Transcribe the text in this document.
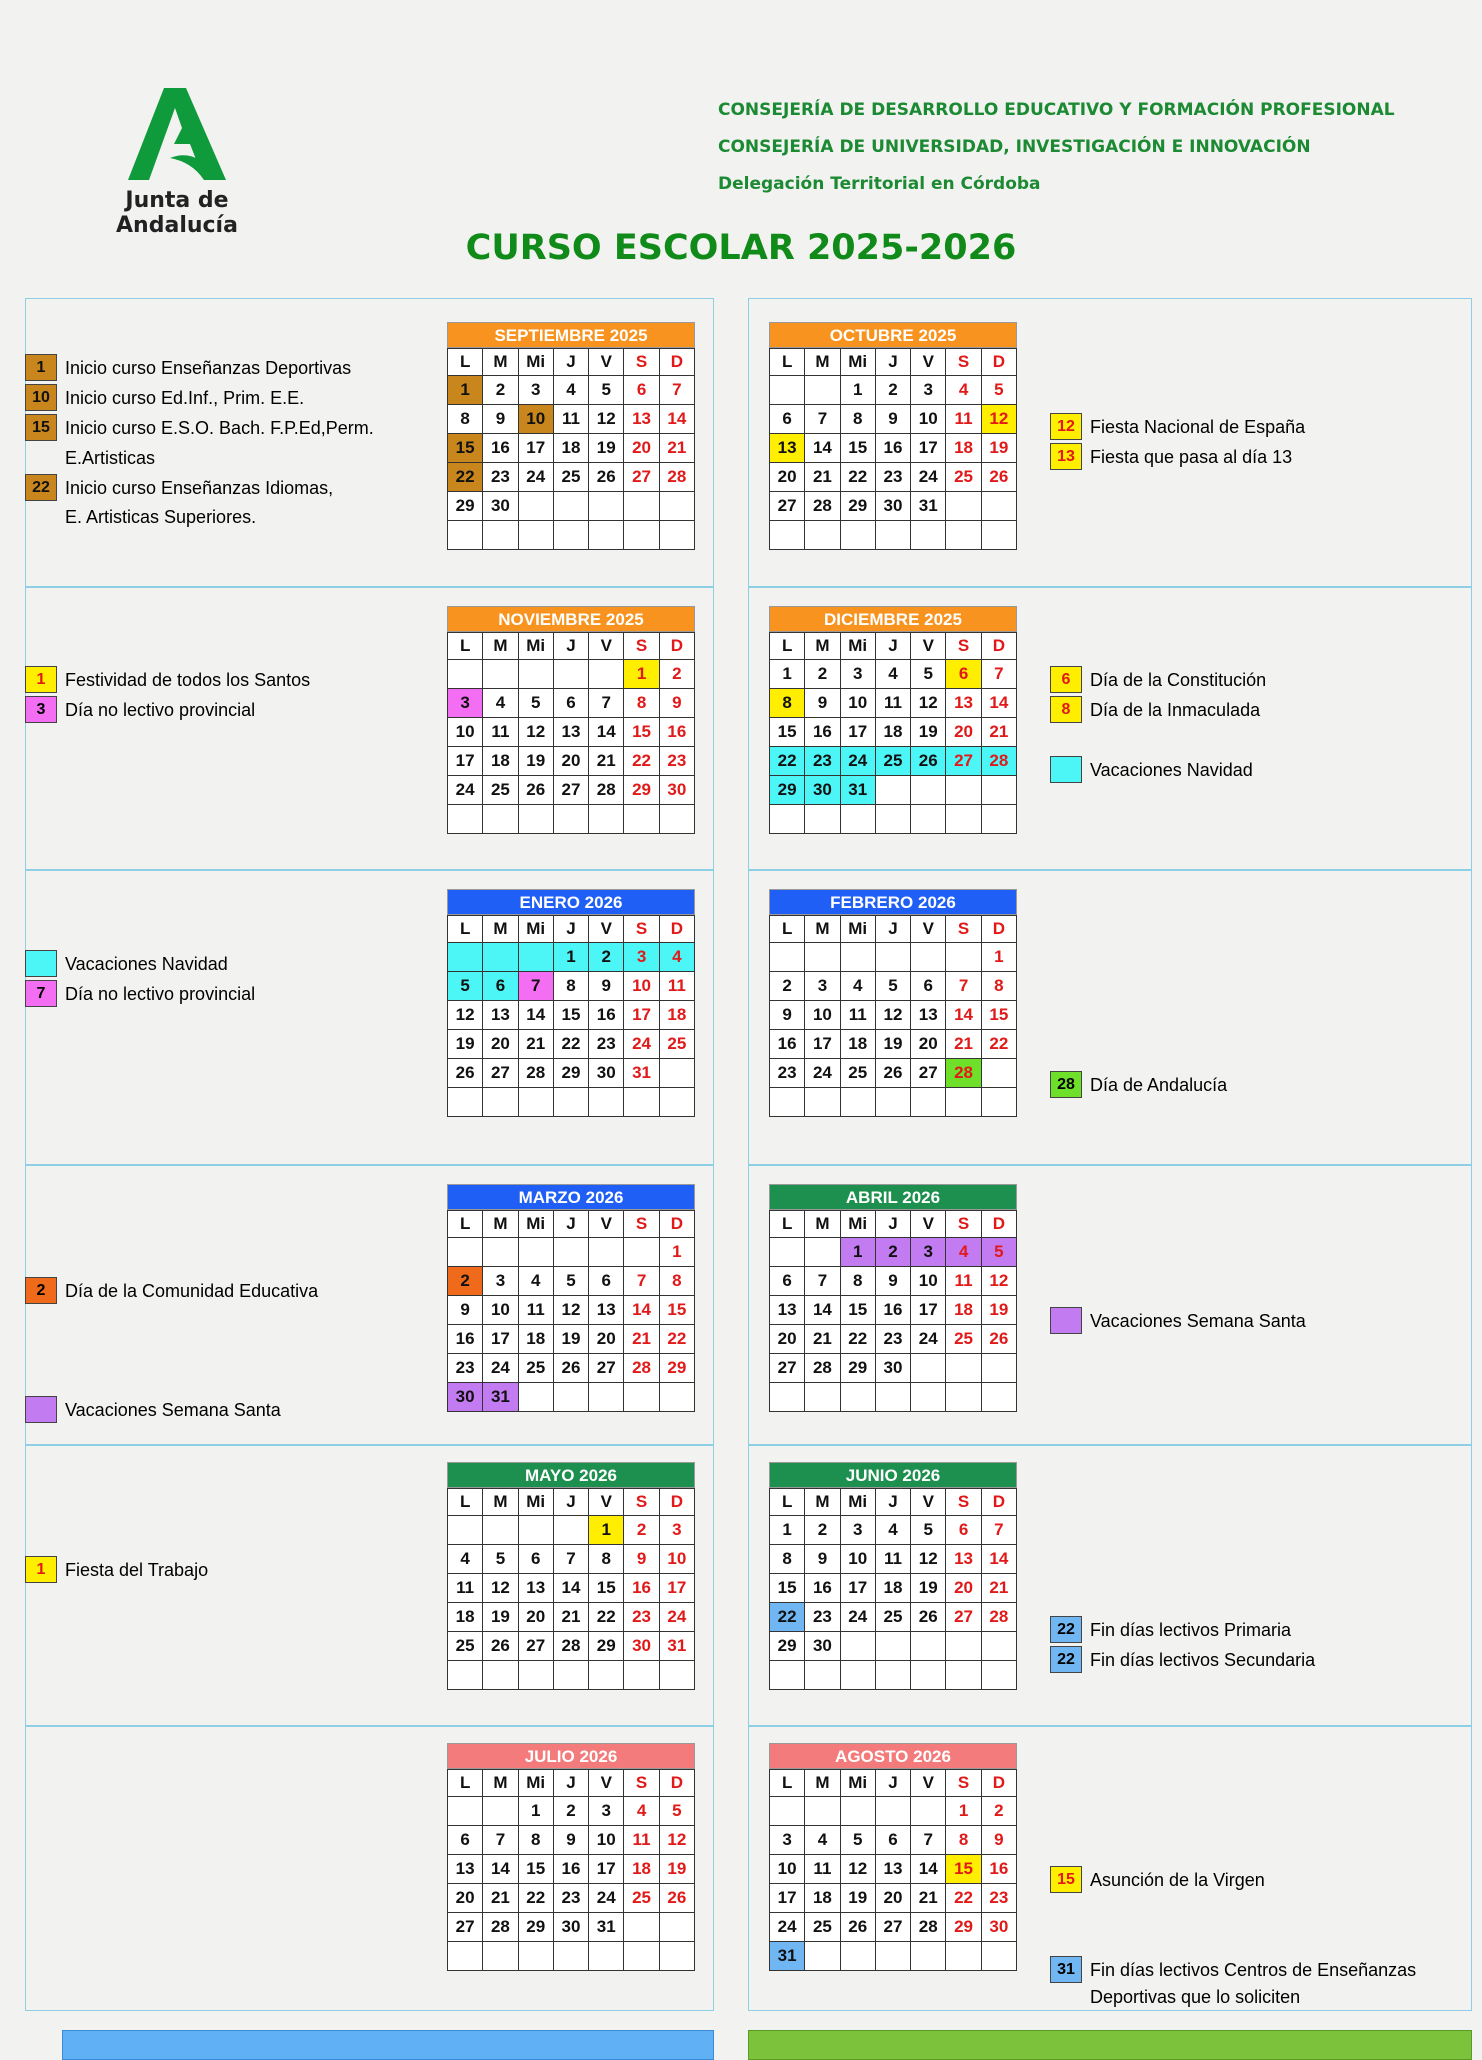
Junta de Andalucía
CONSEJERÍA DE DESARROLLO EDUCATIVO Y FORMACIÓN PROFESIONAL
CONSEJERÍA DE UNIVERSIDAD, INVESTIGACIÓN E INNOVACIÓN
Delegación Territorial en Córdoba
CURSO ESCOLAR 2025-2026
SEPTIEMBRE 2025
L	M	Mi	J	V	S	D
1	2	3	4	5	6	7
8	9	10	11	12	13	14
15	16	17	18	19	20	21
22	23	24	25	26	27	28
29	30					

OCTUBRE 2025
L	M	Mi	J	V	S	D
		1	2	3	4	5
6	7	8	9	10	11	12
13	14	15	16	17	18	19
20	21	22	23	24	25	26
27	28	29	30	31		

NOVIEMBRE 2025
L	M	Mi	J	V	S	D
					1	2
3	4	5	6	7	8	9
10	11	12	13	14	15	16
17	18	19	20	21	22	23
24	25	26	27	28	29	30

DICIEMBRE 2025
L	M	Mi	J	V	S	D
1	2	3	4	5	6	7
8	9	10	11	12	13	14
15	16	17	18	19	20	21
22	23	24	25	26	27	28
29	30	31				

ENERO 2026
L	M	Mi	J	V	S	D
			1	2	3	4
5	6	7	8	9	10	11
12	13	14	15	16	17	18
19	20	21	22	23	24	25
26	27	28	29	30	31	

FEBRERO 2026
L	M	Mi	J	V	S	D
						1
2	3	4	5	6	7	8
9	10	11	12	13	14	15
16	17	18	19	20	21	22
23	24	25	26	27	28	

MARZO 2026
L	M	Mi	J	V	S	D
						1
2	3	4	5	6	7	8
9	10	11	12	13	14	15
16	17	18	19	20	21	22
23	24	25	26	27	28	29
30	31					
ABRIL 2026
L	M	Mi	J	V	S	D
		1	2	3	4	5
6	7	8	9	10	11	12
13	14	15	16	17	18	19
20	21	22	23	24	25	26
27	28	29	30			

MAYO 2026
L	M	Mi	J	V	S	D
				1	2	3
4	5	6	7	8	9	10
11	12	13	14	15	16	17
18	19	20	21	22	23	24
25	26	27	28	29	30	31

JUNIO 2026
L	M	Mi	J	V	S	D
1	2	3	4	5	6	7
8	9	10	11	12	13	14
15	16	17	18	19	20	21
22	23	24	25	26	27	28
29	30					

JULIO 2026
L	M	Mi	J	V	S	D
		1	2	3	4	5
6	7	8	9	10	11	12
13	14	15	16	17	18	19
20	21	22	23	24	25	26
27	28	29	30	31		

AGOSTO 2026
L	M	Mi	J	V	S	D
					1	2
3	4	5	6	7	8	9
10	11	12	13	14	15	16
17	18	19	20	21	22	23
24	25	26	27	28	29	30
31						
1	Inicio curso Enseñanzas Deportivas
10 Inicio curso Ed.Inf., Prim. E.E.
15 Inicio curso E.S.O. Bach. F.P.Ed,Perm.
E.Artisticas
22 Inicio curso Enseñanzas Idiomas,
E. Artisticas Superiores.
12 Fiesta Nacional de España
13 Fiesta que pasa al día 13
1	Festividad de todos los Santos
3	Día no lectivo provincial
6	Día de la Constitución
8	Día de la Inmaculada
Vacaciones Navidad
Vacaciones Navidad
7	Día no lectivo provincial
28 Día de Andalucía
2	Día de la Comunidad Educativa
Vacaciones Semana Santa
Vacaciones Semana Santa
1	Fiesta del Trabajo
22 Fin días lectivos Primaria
22 Fin días lectivos Secundaria
15 Asunción de la Virgen
31 Fin días lectivos Centros de Enseñanzas
Deportivas que lo soliciten
